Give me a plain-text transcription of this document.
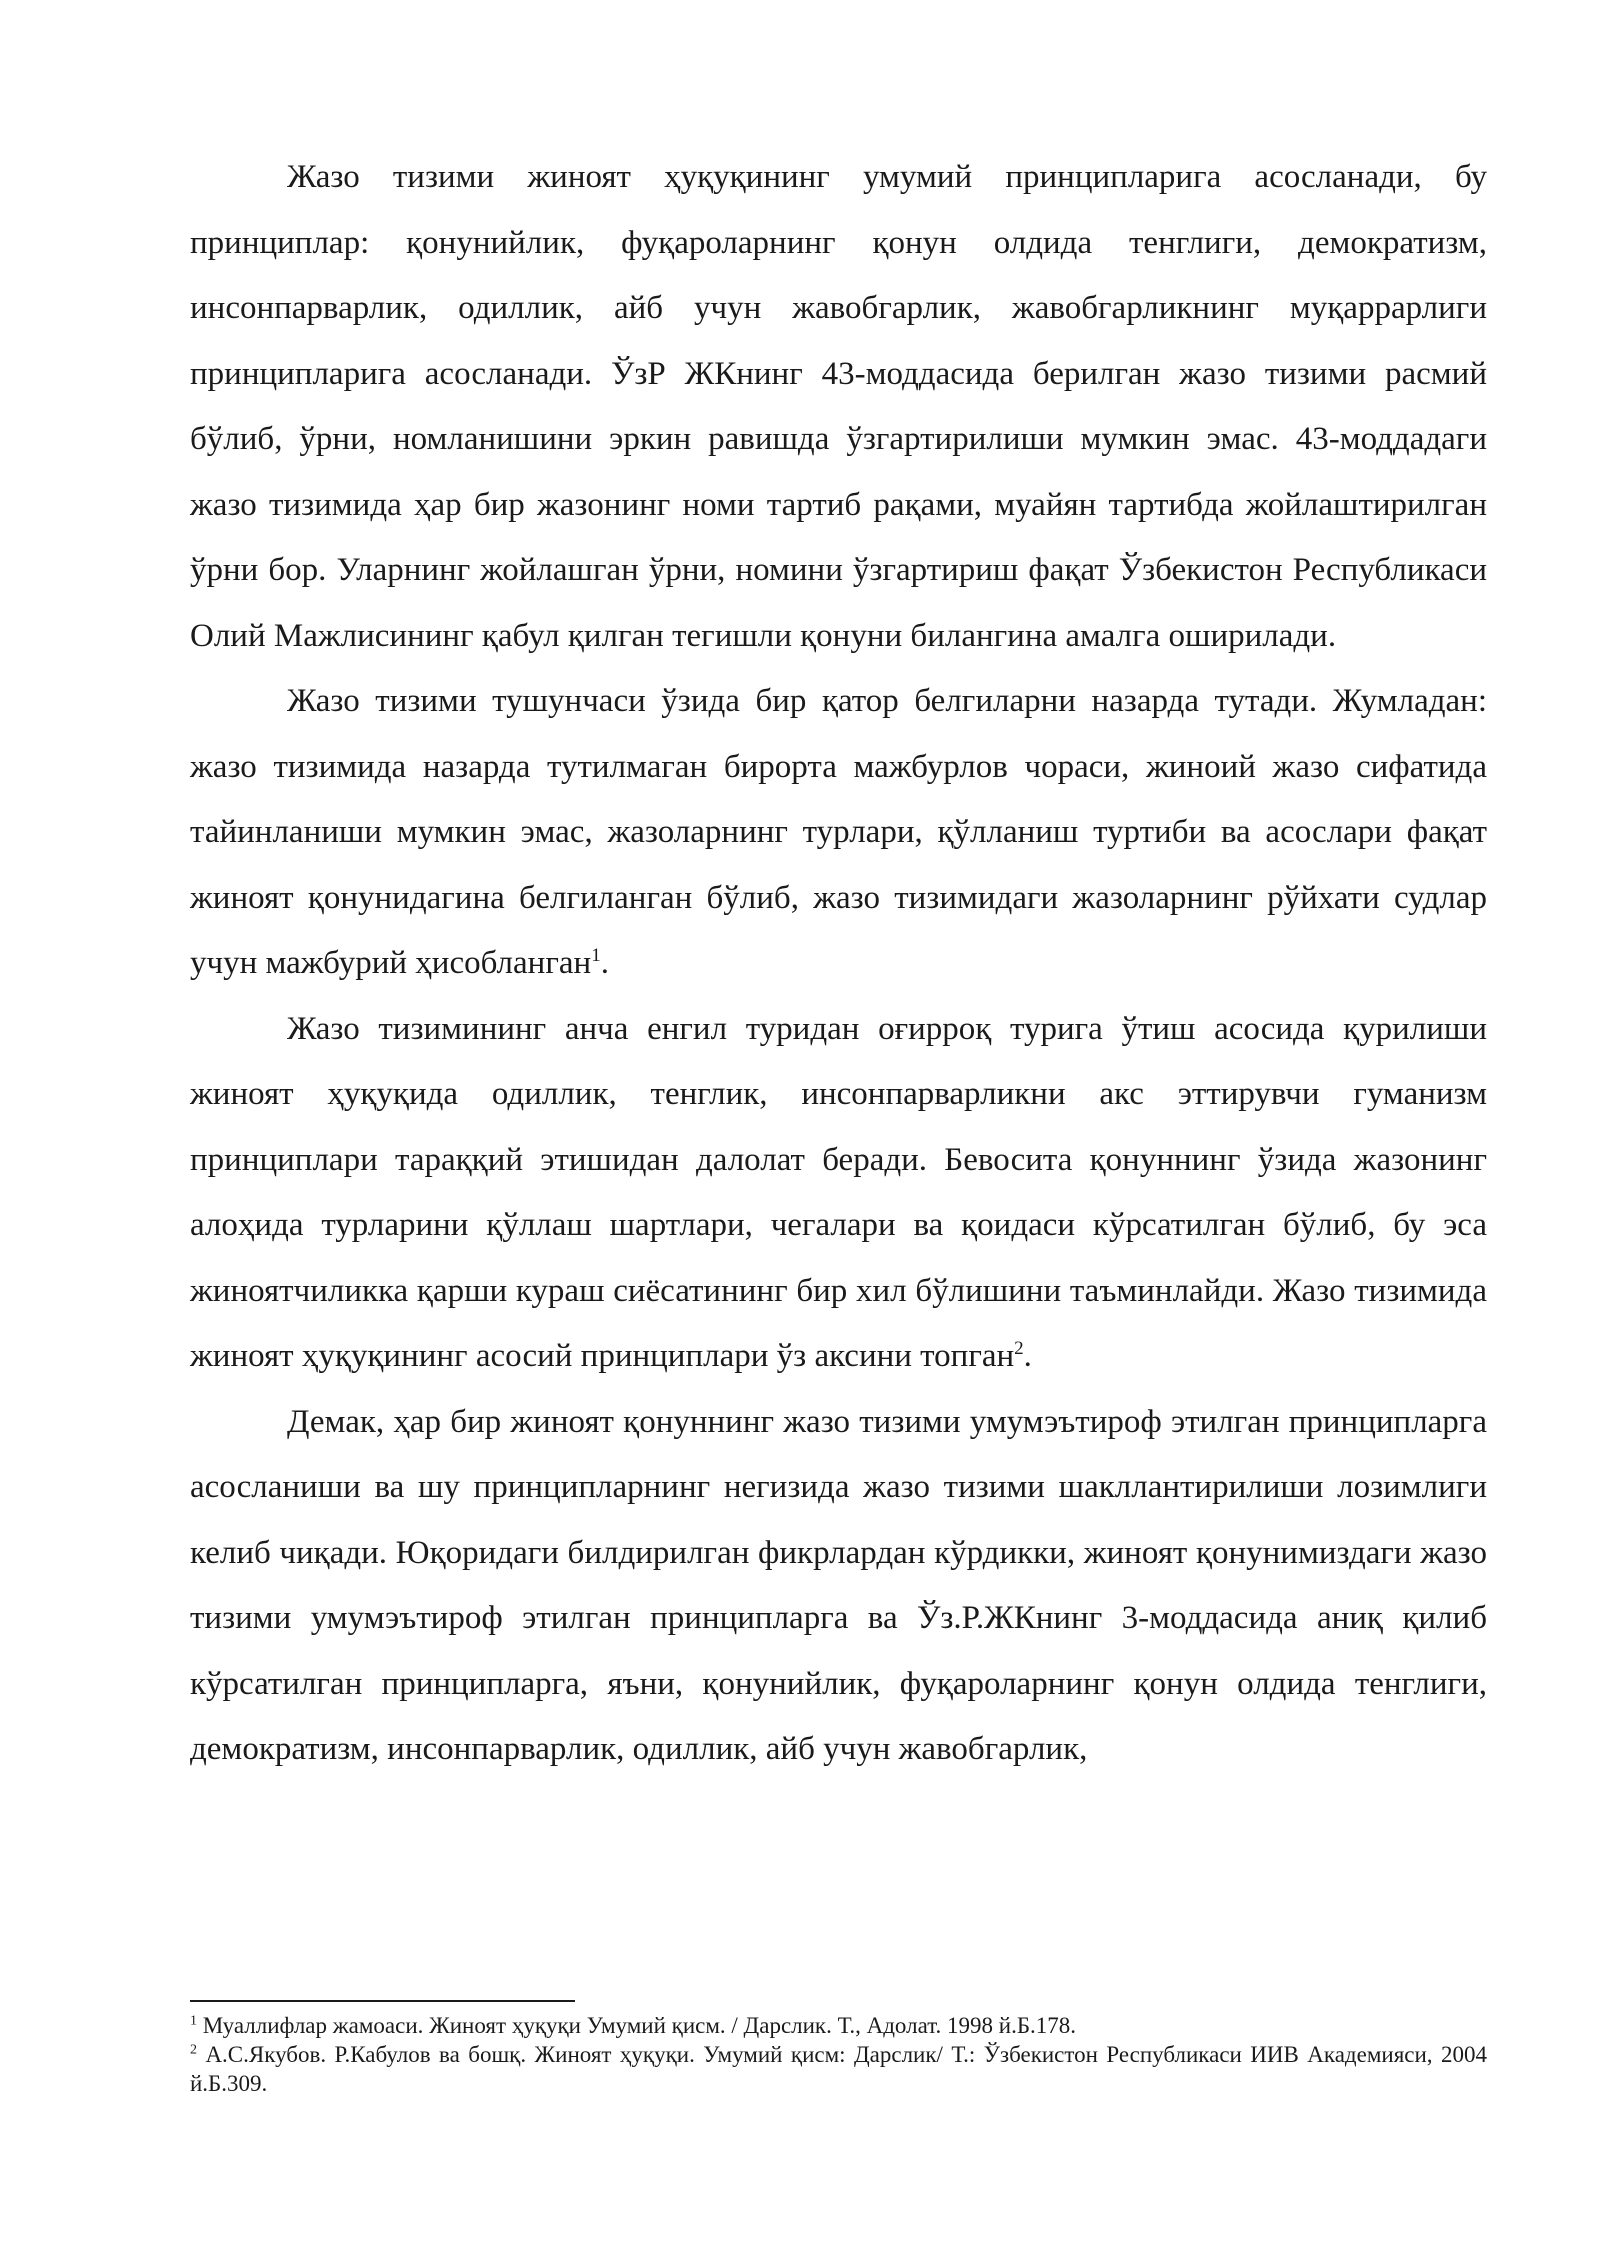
Жазо тизими жиноят ҳуқуқининг умумий принципларига асосланади, бу принциплар: қонунийлик, фуқароларнинг қонун олдида тенглиги, демократизм, инсонпарварлик, одиллик, айб учун жавобгарлик, жавобгарликнинг муқаррарлиги принципларига асосланади. ЎзР ЖКнинг 43-моддасида берилган жазо тизими расмий бўлиб, ўрни, номланишини эркин равишда ўзгартирилиши мумкин эмас. 43-моддадаги жазо тизимида ҳар бир жазонинг номи тартиб рақами, муайян тартибда жойлаштирилган ўрни бор. Уларнинг жойлашган ўрни, номини ўзгартириш фақат Ўзбекистон Республикаси Олий Мажлисининг қабул қилган тегишли қонуни билангина амалга оширилади.

Жазо тизими тушунчаси ўзида бир қатор белгиларни назарда тутади. Жумладан: жазо тизимида назарда тутилмаган бирорта мажбурлов чораси, жиноий жазо сифатида тайинланиши мумкин эмас, жазоларнинг турлари, қўлланиш туртиби ва асослари фақат жиноят қонунидагина белгиланган бўлиб, жазо тизимидаги жазоларнинг рўйхати судлар учун мажбурий ҳисобланган$^1$.

Жазо тизимининг анча енгил туридан оғирроқ турига ўтиш асосида қурилиши жиноят ҳуқуқида одиллик, тенглик, инсонпарварликни акс эттирувчи гуманизм принциплари тараққий этишидан далолат беради. Бевосита қонуннинг ўзида жазонинг алоҳида турларини қўллаш шартлари, чегалари ва қоидаси кўрсатилган бўлиб, бу эса жиноятчиликка қарши кураш сиёсатининг бир хил бўлишини таъминлайди. Жазо тизимида жиноят ҳуқуқининг асосий принциплари ўз аксини топган$^2$.

Демак, ҳар бир жиноят қонуннинг жазо тизими умумэътироф этилган принципларга асосланиши ва шу принципларнинг негизида жазо тизими шакллантирилиши лозимлиги келиб чиқади. Юқоридаги билдирилган фикрлардан кўрдикки, жиноят қонунимиздаги жазо тизими умумэътироф этилган принципларга ва Ўз.Р.ЖКнинг 3-моддасида аниқ қилиб кўрсатилган принципларга, яъни, қонунийлик, фуқароларнинг қонун олдида тенглиги, демократизм, инсонпарварлик, одиллик, айб учун жавобгарлик,

$^1$ Муаллифлар жамоаси. Жиноят ҳуқуқи Умумий қисм. / Дарслик. Т., Адолат. 1998 й.Б.178.

$^2$ А.С.Якубов. Р.Кабулов ва бошқ. Жиноят ҳуқуқи. Умумий қисм: Дарслик/ Т.: Ўзбекистон Республикаси ИИВ Академияси, 2004 й.Б.309.
